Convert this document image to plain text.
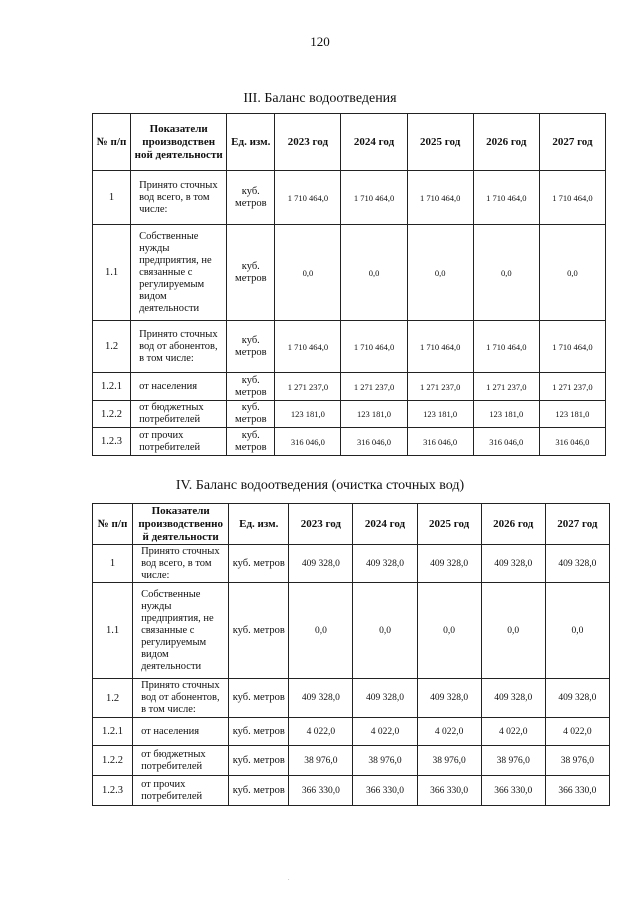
120
III. Баланс водоотведения
№ п/п	Показатели производствен ной деятельности	Ед. изм.	2023 год	2024 год	2025 год	2026 год	2027 год
1	Принято сточных вод всего, в том числе:	куб. метров	1 710 464,0	1 710 464,0	1 710 464,0	1 710 464,0	1 710 464,0
1.1	Собственные нужды предприятия, не связанные с регулируемым видом деятельности	куб. метров	0,0	0,0	0,0	0,0	0,0
1.2	Принято сточных вод от абонентов, в том числе:	куб. метров	1 710 464,0	1 710 464,0	1 710 464,0	1 710 464,0	1 710 464,0
1.2.1	от населения	куб. метров	1 271 237,0	1 271 237,0	1 271 237,0	1 271 237,0	1 271 237,0
1.2.2	от бюджетных потребителей	куб. метров	123 181,0	123 181,0	123 181,0	123 181,0	123 181,0
1.2.3	от прочих потребителей	куб. метров	316 046,0	316 046,0	316 046,0	316 046,0	316 046,0
IV. Баланс водоотведения (очистка сточных вод)
№ п/п	Показатели производственно й деятельности	Ед. изм.	2023 год	2024 год	2025 год	2026 год	2027 год
1	Принято сточных вод всего, в том числе:	куб. метров	409 328,0	409 328,0	409 328,0	409 328,0	409 328,0
1.1	Собственные нужды предприятия, не связанные с регулируемым видом деятельности	куб. метров	0,0	0,0	0,0	0,0	0,0
1.2	Принято сточных вод от абонентов, в том числе:	куб. метров	409 328,0	409 328,0	409 328,0	409 328,0	409 328,0
1.2.1	от населения	куб. метров	4 022,0	4 022,0	4 022,0	4 022,0	4 022,0
1.2.2	от бюджетных потребителей	куб. метров	38 976,0	38 976,0	38 976,0	38 976,0	38 976,0
1.2.3	от прочих потребителей	куб. метров	366 330,0	366 330,0	366 330,0	366 330,0	366 330,0
.
